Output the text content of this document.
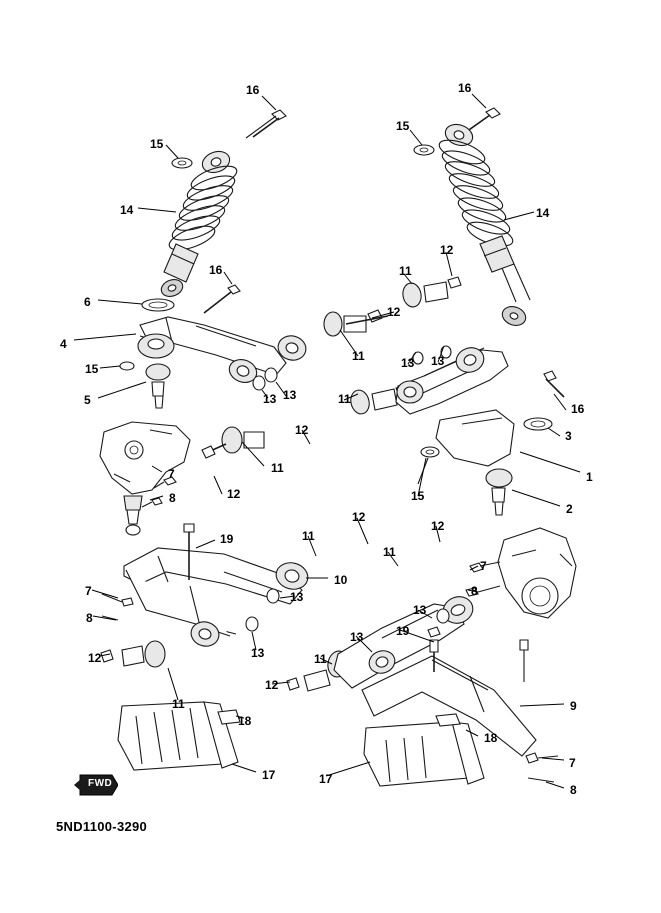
FWD
5ND1100-3290
16	16
15
15
14	14
16
12
11
6
12
4
11	13 13
15
13
13
16
5	11
3
12
1
11
15
7
2
8	12
12
11
12
19
11
7
10
8
13
7	13
8
19
13
13
11
12
12
11	9
18
18
7
17	17
8
